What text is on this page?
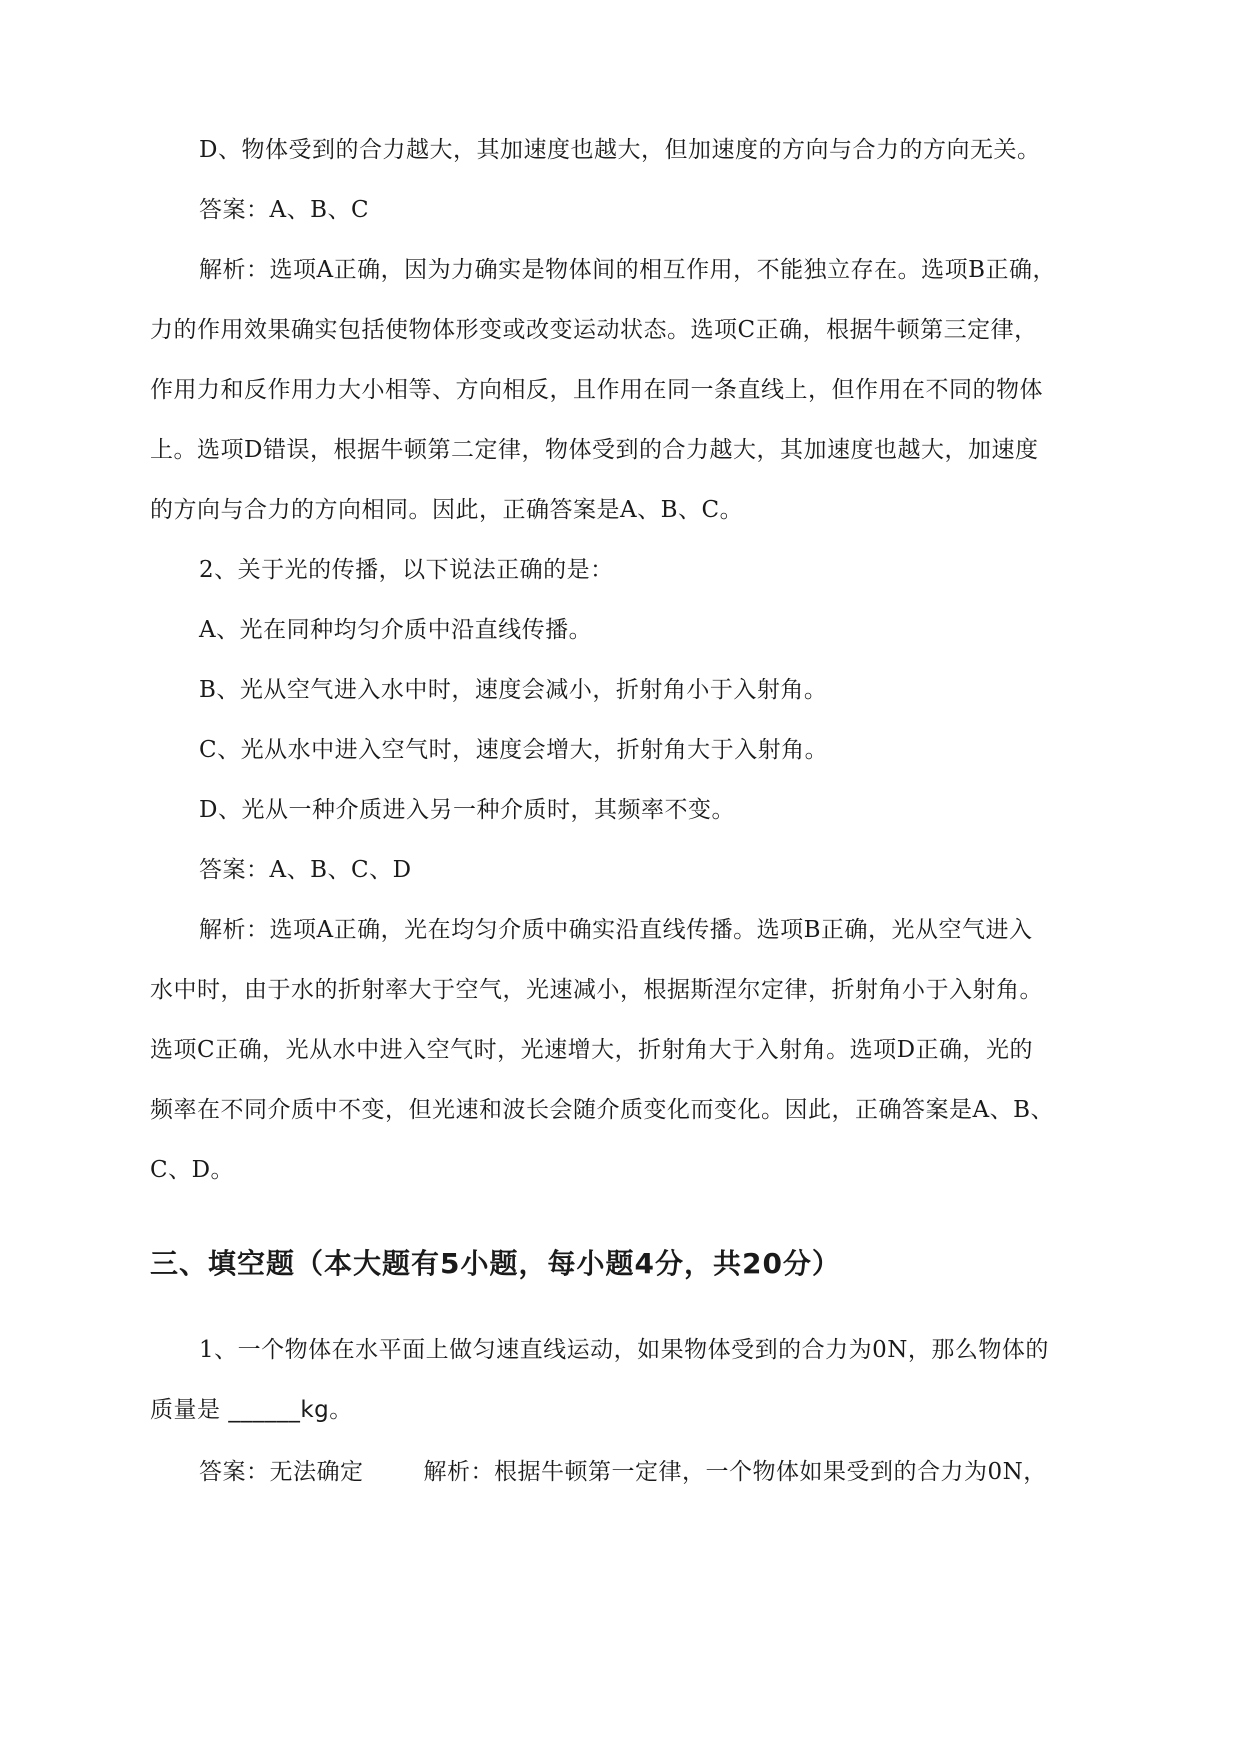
D、物体受到的合力越大，其加速度也越大，但加速度的方向与合力的方向无关。
答案：A、B、C
解析：选项A正确，因为力确实是物体间的相互作用，不能独立存在。选项B正确，
力的作用效果确实包括使物体形变或改变运动状态。选项C正确，根据牛顿第三定律，
作用力和反作用力大小相等、方向相反，且作用在同一条直线上，但作用在不同的物体
上。选项D错误，根据牛顿第二定律，物体受到的合力越大，其加速度也越大，加速度
的方向与合力的方向相同。因此，正确答案是A、B、C。
2、关于光的传播，以下说法正确的是：
A、光在同种均匀介质中沿直线传播。
B、光从空气进入水中时，速度会减小，折射角小于入射角。
C、光从水中进入空气时，速度会增大，折射角大于入射角。
D、光从一种介质进入另一种介质时，其频率不变。
答案：A、B、C、D
解析：选项A正确，光在均匀介质中确实沿直线传播。选项B正确，光从空气进入
水中时，由于水的折射率大于空气，光速减小，根据斯涅尔定律，折射角小于入射角。
选项C正确，光从水中进入空气时，光速增大，折射角大于入射角。选项D正确，光的
频率在不同介质中不变，但光速和波长会随介质变化而变化。因此，正确答案是A、B、
C、D。
三、填空题（本大题有5小题，每小题4分，共20分）
1、一个物体在水平面上做匀速直线运动，如果物体受到的合力为0N，那么物体的
质量是 ______kg。
答案：无法确定	解析：根据牛顿第一定律，一个物体如果受到的合力为0N，
